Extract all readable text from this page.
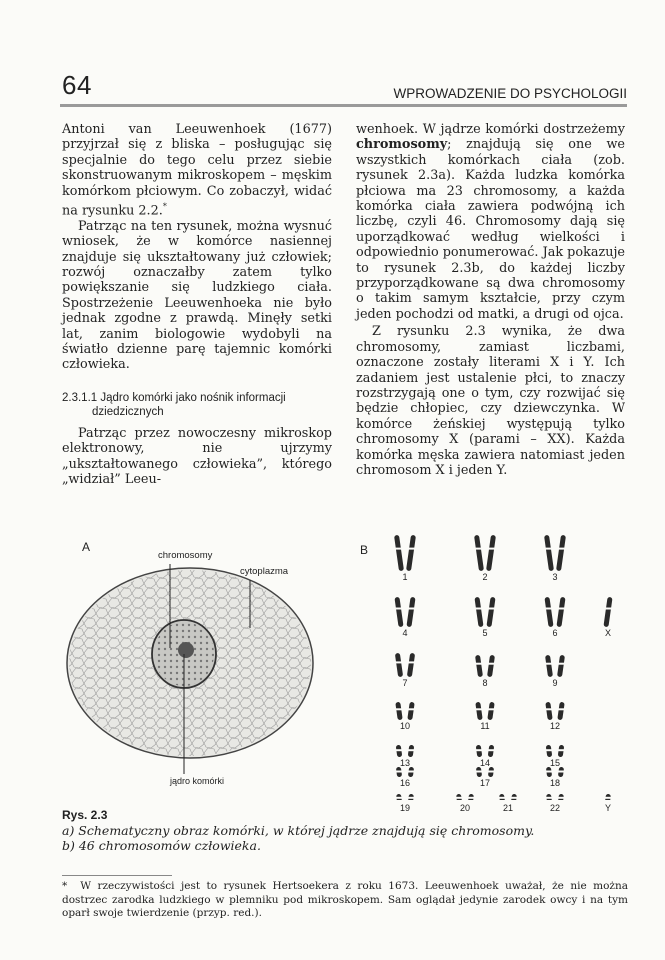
64	WPROWADZENIE DO PSYCHOLOGII

Antoni van Leeuwenhoek (1677) przyjrzał się z bliska – posługując się specjalnie do tego celu przez siebie skonstruowanym mikroskopem – męskim komórkom płciowym. Co zobaczył, widać na rysunku 2.2.*

Patrząc na ten rysunek, można wysnuć wniosek, że w komórce nasiennej znajduje się ukształtowany już człowiek; rozwój oznaczałby zatem tylko powiększanie się ludzkiego ciała. Spostrzeżenie Leeuwenhoeka nie było jednak zgodne z prawdą. Minęły setki lat, zanim biologowie wydobyli na światło dzienne parę tajemnic komórki człowieka.

2.3.1.1 Jądro komórki jako nośnik informacji
dziedzicznych

Patrząc przez nowoczesny mikroskop elektronowy, nie ujrzymy „ukształtowanego człowieka”, którego „widział” Leeu-

wenhoek. W jądrze komórki dostrzeżemy chromosomy; znajdują się one we wszystkich komórkach ciała (zob. rysunek 2.3a). Każda ludzka komórka płciowa ma 23 chromosomy, a każda komórka ciała zawiera podwójną ich liczbę, czyli 46. Chromosomy dają się uporządkować według wielkości i odpowiednio ponumerować. Jak pokazuje to rysunek 2.3b, do każdej liczby przyporządkowane są dwa chromosomy o takim samym kształcie, przy czym jeden pochodzi od matki, a drugi od ojca.

Z rysunku 2.3 wynika, że dwa chromosomy, zamiast liczbami, oznaczone zostały literami X i Y. Ich zadaniem jest ustalenie płci, to znaczy rozstrzygają one o tym, czy rozwijać się będzie chłopiec, czy dziewczynka. W komórce żeńskiej występują tylko chromosomy X (parami – XX). Każda komórka męska zawiera natomiast jeden chromosom X i jeden Y.

A
chromosomy
cytoplazma
jądro komórki
B
1	2	3
4	5	6	X
7	8	9
10	11	12
13	14	15
16	17	18
19	20	21	22	Y
Rys. 2.3
a) Schematyczny obraz komórki, w której jądrze znajdują się chromosomy.
b) 46 chromosomów człowieka.
* W rzeczywistości jest to rysunek Hertsoekera z roku 1673. Leeuwenhoek uważał, że nie można dostrzec zarodka ludzkiego w plemniku pod mikroskopem. Sam oglądał jedynie zarodek owcy i na tym oparł swoje twierdzenie (przyp. red.).
